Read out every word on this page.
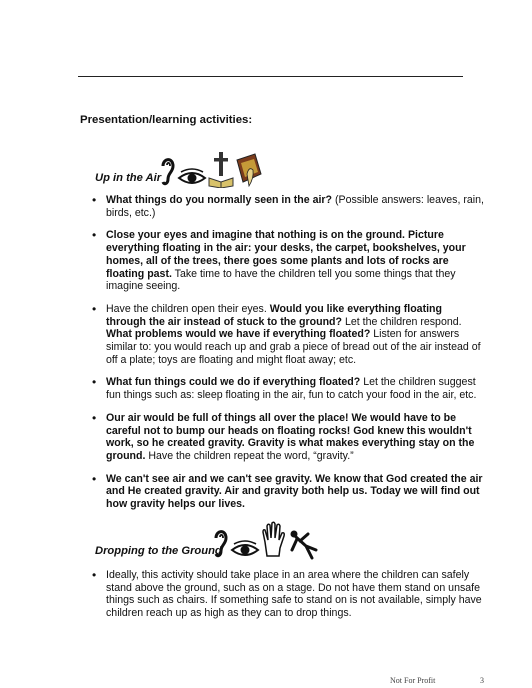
Presentation/learning activities:
Up in the Air
• What things do you normally seen in the air? (Possible answers: leaves, rain, birds, etc.)
• Close your eyes and imagine that nothing is on the ground. Picture everything floating in the air: your desks, the carpet, bookshelves, your homes, all of the trees, there goes some plants and lots of rocks are floating past. Take time to have the children tell you some things that they imagine seeing.
• Have the children open their eyes. Would you like everything floating through the air instead of stuck to the ground? Let the children respond. What problems would we have if everything floated? Listen for answers similar to: you would reach up and grab a piece of bread out of the air instead of off a plate; toys are floating and might float away; etc.
• What fun things could we do if everything floated? Let the children suggest fun things such as: sleep floating in the air, fun to catch your food in the air, etc.
• Our air would be full of things all over the place! We would have to be careful not to bump our heads on floating rocks! God knew this wouldn't work, so he created gravity. Gravity is what makes everything stay on the ground. Have the children repeat the word, “gravity.”
• We can't see air and we can't see gravity. We know that God created the air and He created gravity. Air and gravity both help us. Today we will find out how gravity helps our lives.
Dropping to the Ground
• Ideally, this activity should take place in an area where the children can safely stand above the ground, such as on a stage. Do not have them stand on unsafe things such as chairs. If something safe to stand on is not available, simply have children reach up as high as they can to drop things.
Not For Profit	3
